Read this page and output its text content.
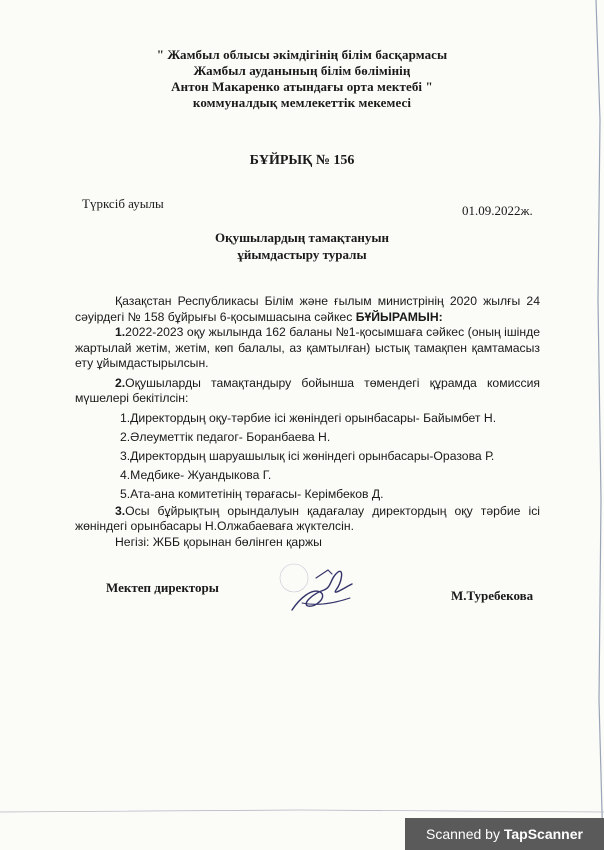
" Жамбыл облысы әкімдігінің білім басқармасы
Жамбыл ауданының білім бөлімінің
Антон Макаренко атындағы орта мектебі "
коммуналдық мемлекеттік мекемесі
БҰЙРЫҚ № 156
Түрксіб ауылы	01.09.2022ж.
Оқушылардың тамақтануын
ұйымдастыру туралы

Қазақстан Республикасы Білім және ғылым министрінің 2020 жылғы 24 сәуірдегі № 158 бұйрығы 6-қосымшасына сәйкес БҰЙЫРАМЫН:

1.2022-2023 оқу жылында 162 баланы №1-қосымшаға сәйкес (оның ішінде жартылай жетім, жетім, көп балалы, аз қамтылған) ыстық тамақпен қамтамасыз ету ұйымдастырылсын.

2.Оқушыларды тамақтандыру бойынша төмендегі құрамда комиссия мүшелері бекітілсін:

1.Директордың оқу-тәрбие ісі жөніндегі орынбасары- Байымбет Н.
2.Әлеуметтік педагог- Боранбаева Н.
3.Директордың шаруашылық ісі жөніндегі орынбасары-Оразова Р.
4.Медбике- Жуандыкова Г.
5.Ата-ана комитетінің төрағасы- Керімбеков Д.

3.Осы бұйрықтың орындалуын қадағалау директордың оқу тәрбие ісі жөніндегі орынбасары Н.Олжабаеваға жүктелсін.

Негізі: ЖББ қорынан бөлінген қаржы

Мектеп директоры
М.Туребекова
Scanned by TapScanner
